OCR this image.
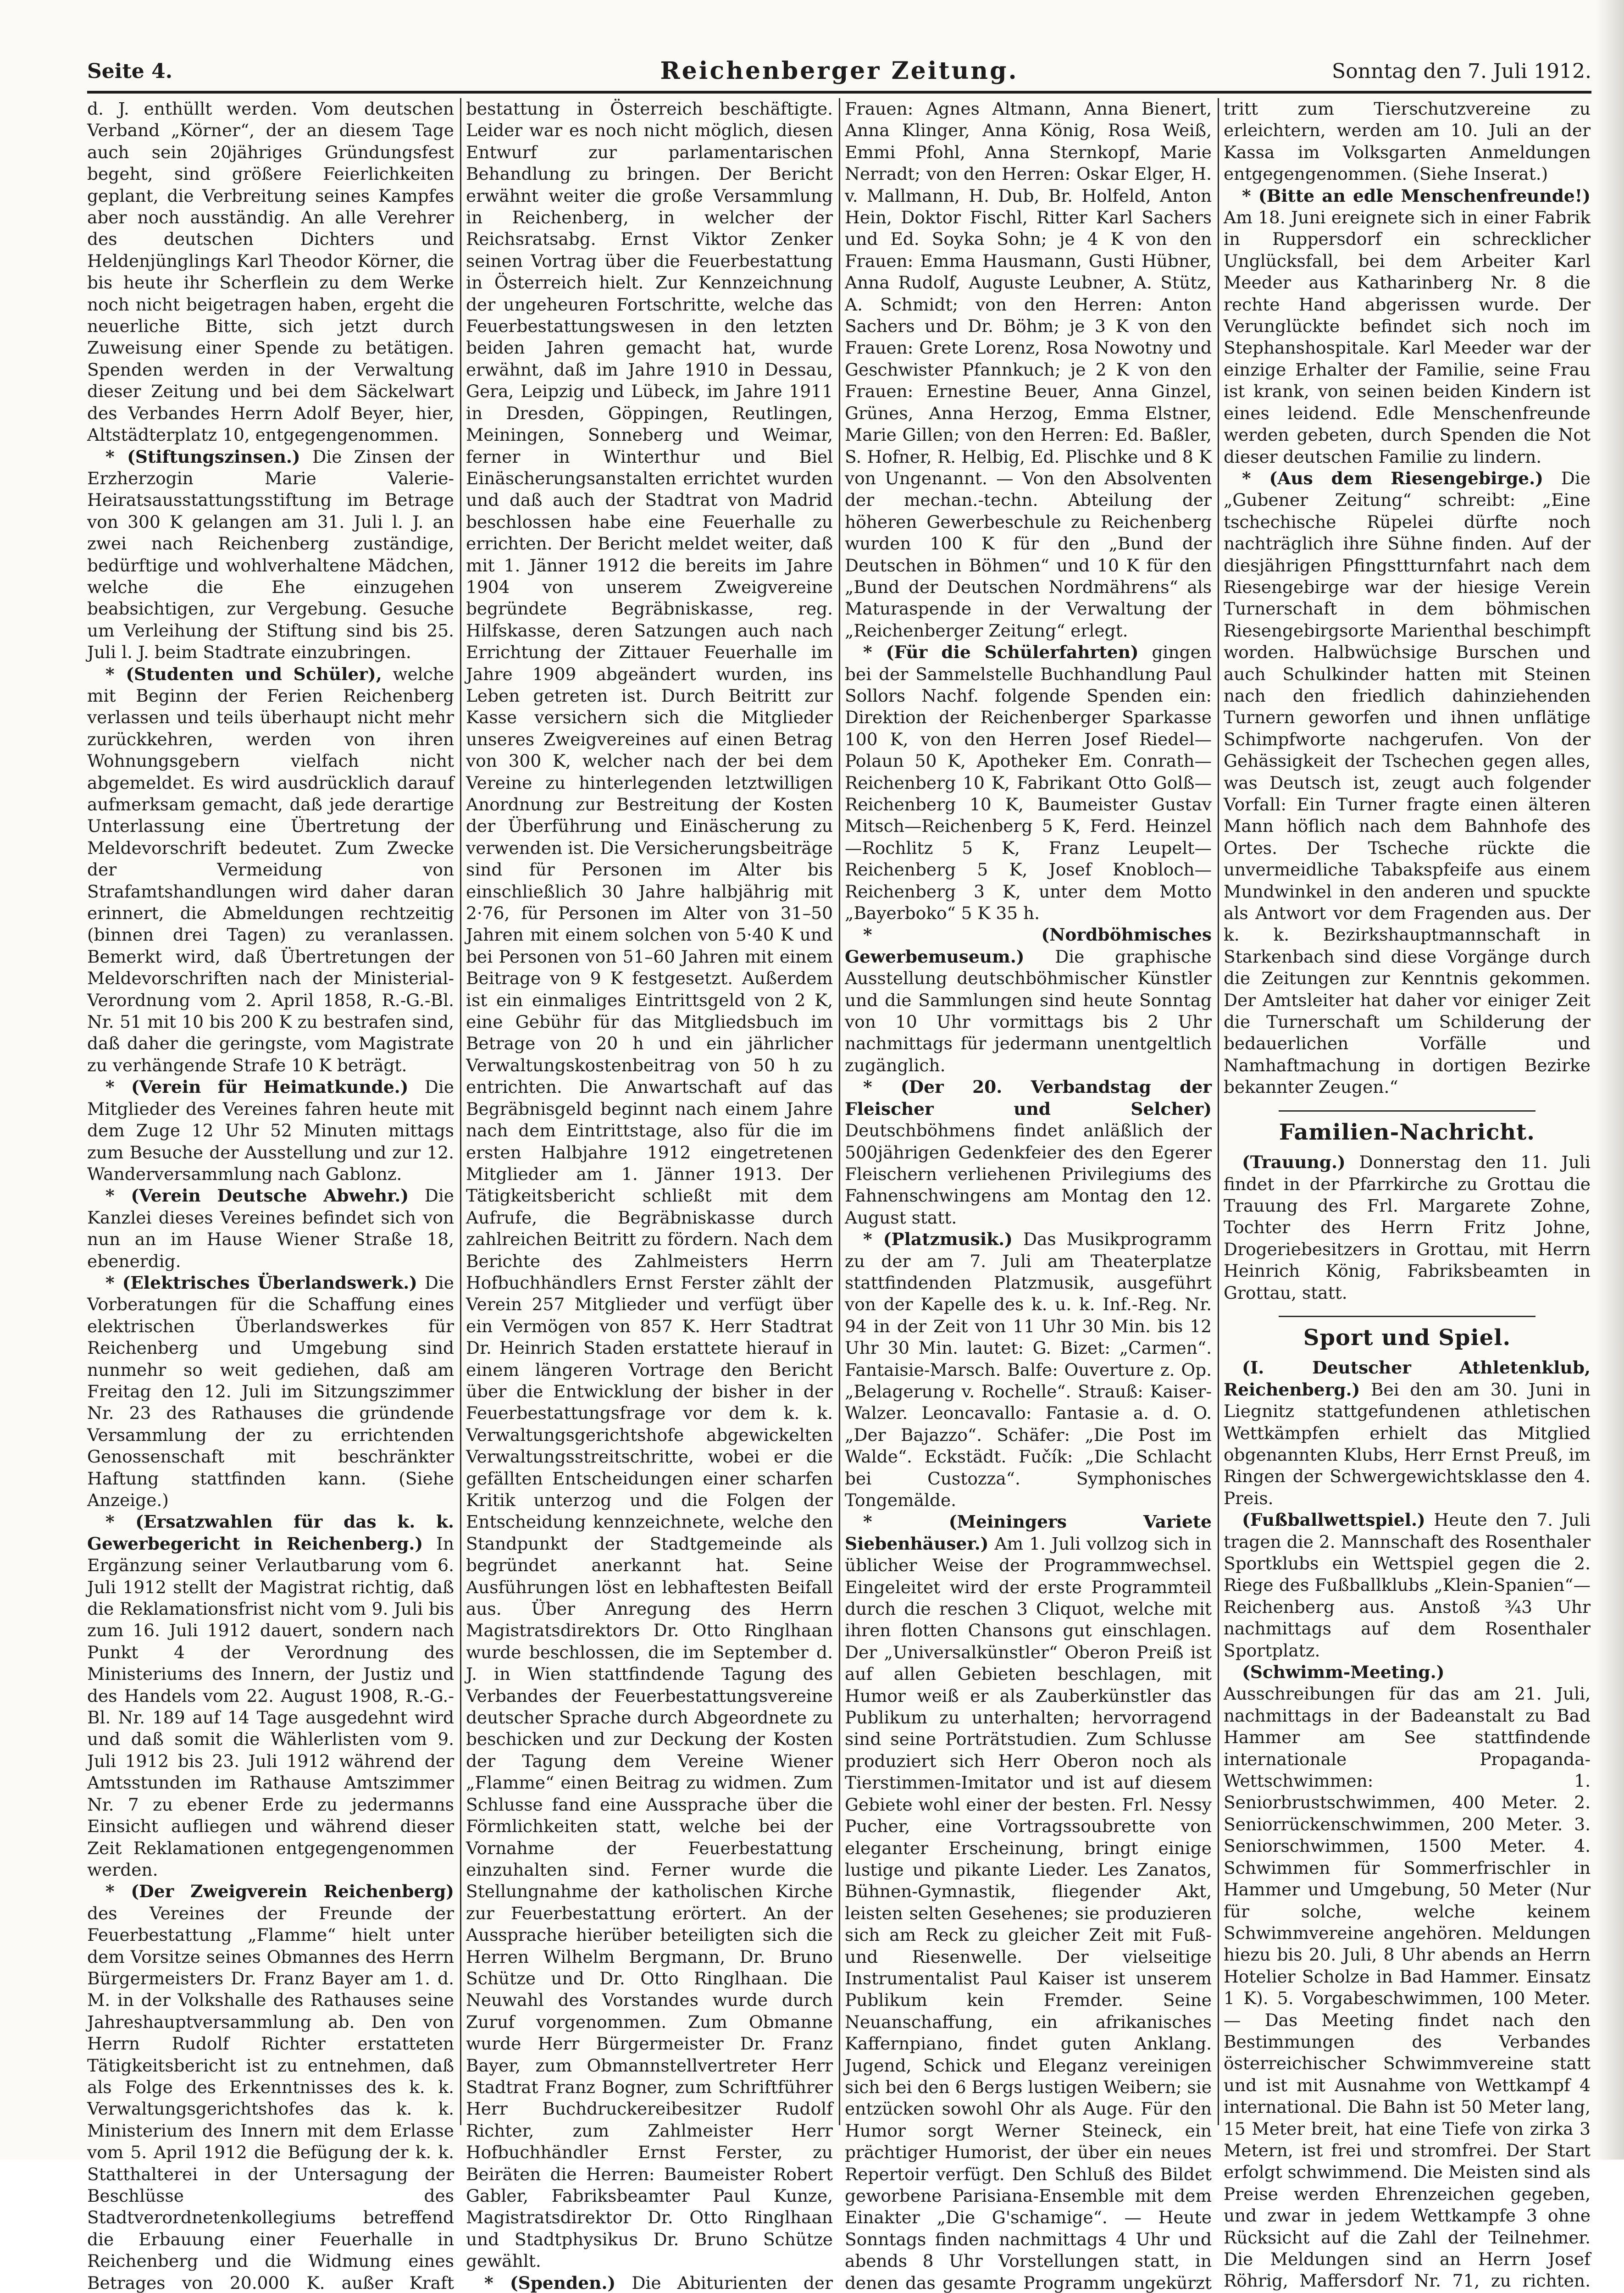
Seite 4.	Reichenberger Zeitung.	Sonntag den 7. Juli 1912.

d. J. enthüllt werden. Vom deutschen Verband „Körner“, der an diesem Tage auch sein 20jähriges Gründungsfest begeht, sind größere Feierlichkeiten geplant, die Verbreitung seines Kampfes aber noch ausständig. An alle Verehrer des deutschen Dichters und Heldenjünglings Karl Theodor Körner, die bis heute ihr Scherflein zu dem Werke noch nicht beigetragen haben, ergeht die neuerliche Bitte, sich jetzt durch Zuweisung einer Spende zu betätigen. Spenden werden in der Verwaltung dieser Zeitung und bei dem Säckelwart des Verbandes Herrn Adolf Beyer, hier, Altstädterplatz 10, entgegengenommen.

* (Stiftungszinsen.) Die Zinsen der Erzherzogin Marie Valerie-Heiratsausstattungsstiftung im Betrage von 300 K gelangen am 31. Juli l. J. an zwei nach Reichenberg zuständige, bedürftige und wohlverhaltene Mädchen, welche die Ehe einzugehen beabsichtigen, zur Vergebung. Gesuche um Verleihung der Stiftung sind bis 25. Juli l. J. beim Stadtrate einzubringen.

* (Studenten und Schüler), welche mit Beginn der Ferien Reichenberg verlassen und teils überhaupt nicht mehr zurückkehren, werden von ihren Wohnungsgebern vielfach nicht abgemeldet. Es wird ausdrücklich darauf aufmerksam gemacht, daß jede derartige Unterlassung eine Übertretung der Meldevorschrift bedeutet. Zum Zwecke der Vermeidung von Strafamtshandlungen wird daher daran erinnert, die Abmeldungen rechtzeitig (binnen drei Tagen) zu veranlassen. Bemerkt wird, daß Übertretungen der Meldevorschriften nach der Ministerial-Verordnung vom 2. April 1858, R.-G.-Bl. Nr. 51 mit 10 bis 200 K zu bestrafen sind, daß daher die geringste, vom Magistrate zu verhängende Strafe 10 K beträgt.

* (Verein für Heimatkunde.) Die Mitglieder des Vereines fahren heute mit dem Zuge 12 Uhr 52 Minuten mittags zum Besuche der Ausstellung und zur 12. Wanderversammlung nach Gablonz.

* (Verein Deutsche Abwehr.) Die Kanzlei dieses Vereines befindet sich von nun an im Hause Wiener Straße 18, ebenerdig.

* (Elektrisches Überlandswerk.) Die Vorberatungen für die Schaffung eines elektrischen Überlandswerkes für Reichenberg und Umgebung sind nunmehr so weit gediehen, daß am Freitag den 12. Juli im Sitzungszimmer Nr. 23 des Rathauses die gründende Versammlung der zu errichtenden Genossenschaft mit beschränkter Haftung stattfinden kann. (Siehe Anzeige.)

* (Ersatzwahlen für das k. k. Gewerbegericht in Reichenberg.) In Ergänzung seiner Verlautbarung vom 6. Juli 1912 stellt der Magistrat richtig, daß die Reklamationsfrist nicht vom 9. Juli bis zum 16. Juli 1912 dauert, sondern nach Punkt 4 der Verordnung des Ministeriums des Innern, der Justiz und des Handels vom 22. August 1908, R.-G.-Bl. Nr. 189 auf 14 Tage ausgedehnt wird und daß somit die Wählerlisten vom 9. Juli 1912 bis 23. Juli 1912 während der Amtsstunden im Rathause Amtszimmer Nr. 7 zu ebener Erde zu jedermanns Einsicht aufliegen und während dieser Zeit Reklamationen entgegengenommen werden.

* (Der Zweigverein Reichenberg) des Vereines der Freunde der Feuerbestattung „Flamme“ hielt unter dem Vorsitze seines Obmannes des Herrn Bürgermeisters Dr. Franz Bayer am 1. d. M. in der Volkshalle des Rathauses seine Jahreshauptversammlung ab. Den von Herrn Rudolf Richter erstatteten Tätigkeitsbericht ist zu entnehmen, daß als Folge des Erkenntnisses des k. k. Verwaltungsgerichtshofes das k. k. Ministerium des Innern mit dem Erlasse vom 5. April 1912 die Befügung der k. k. Statthalterei in der Untersagung der Beschlüsse des Stadtverordnetenkollegiums betreffend die Erbauung einer Feuerhalle in Reichenberg und die Widmung eines Betrages von 20.000 K. außer Kraft

bestattung in Österreich beschäftigte. Leider war es noch nicht möglich, diesen Entwurf zur parlamentarischen Behandlung zu bringen. Der Bericht erwähnt weiter die große Versammlung in Reichenberg, in welcher der Reichsratsabg. Ernst Viktor Zenker seinen Vortrag über die Feuerbestattung in Österreich hielt. Zur Kennzeichnung der ungeheuren Fortschritte, welche das Feuerbestattungswesen in den letzten beiden Jahren gemacht hat, wurde erwähnt, daß im Jahre 1910 in Dessau, Gera, Leipzig und Lübeck, im Jahre 1911 in Dresden, Göppingen, Reutlingen, Meiningen, Sonneberg und Weimar, ferner in Winterthur und Biel Einäscherungsanstalten errichtet wurden und daß auch der Stadtrat von Madrid beschlossen habe eine Feuerhalle zu errichten. Der Bericht meldet weiter, daß mit 1. Jänner 1912 die bereits im Jahre 1904 von unserem Zweigvereine begründete Begräbniskasse, reg. Hilfskasse, deren Satzungen auch nach Errichtung der Zittauer Feuerhalle im Jahre 1909 abgeändert wurden, ins Leben getreten ist. Durch Beitritt zur Kasse versichern sich die Mitglieder unseres Zweigvereines auf einen Betrag von 300 K, welcher nach der bei dem Vereine zu hinterlegenden letztwilligen Anordnung zur Bestreitung der Kosten der Überführung und Einäscherung zu verwenden ist. Die Versicherungsbeiträge sind für Personen im Alter bis einschließlich 30 Jahre halbjährig mit 2·76, für Personen im Alter von 31–50 Jahren mit einem solchen von 5·40 K und bei Personen von 51–60 Jahren mit einem Beitrage von 9 K festgesetzt. Außerdem ist ein einmaliges Eintrittsgeld von 2 K, eine Gebühr für das Mitgliedsbuch im Betrage von 20 h und ein jährlicher Verwaltungskostenbeitrag von 50 h zu entrichten. Die Anwartschaft auf das Begräbnisgeld beginnt nach einem Jahre nach dem Eintrittstage, also für die im ersten Halbjahre 1912 eingetretenen Mitglieder am 1. Jänner 1913. Der Tätigkeitsbericht schließt mit dem Aufrufe, die Begräbniskasse durch zahlreichen Beitritt zu fördern. Nach dem Berichte des Zahlmeisters Herrn Hofbuchhändlers Ernst Ferster zählt der Verein 257 Mitglieder und verfügt über ein Vermögen von 857 K. Herr Stadtrat Dr. Heinrich Staden erstattete hierauf in einem längeren Vortrage den Bericht über die Entwicklung der bisher in der Feuerbestattungsfrage vor dem k. k. Verwaltungsgerichtshofe abgewickelten Verwaltungsstreitschritte, wobei er die gefällten Entscheidungen einer scharfen Kritik unterzog und die Folgen der Entscheidung kennzeichnete, welche den Standpunkt der Stadtgemeinde als begründet anerkannt hat. Seine Ausführungen löst en lebhaftesten Beifall aus. Über Anregung des Herrn Magistratsdirektors Dr. Otto Ringlhaan wurde beschlossen, die im September d. J. in Wien stattfindende Tagung des Verbandes der Feuerbestattungsvereine deutscher Sprache durch Abgeordnete zu beschicken und zur Deckung der Kosten der Tagung dem Vereine Wiener „Flamme“ einen Beitrag zu widmen. Zum Schlusse fand eine Aussprache über die Förmlichkeiten statt, welche bei der Vornahme der Feuerbestattung einzuhalten sind. Ferner wurde die Stellungnahme der katholischen Kirche zur Feuerbestattung erörtert. An der Aussprache hierüber beteiligten sich die Herren Wilhelm Bergmann, Dr. Bruno Schütze und Dr. Otto Ringlhaan. Die Neuwahl des Vorstandes wurde durch Zuruf vorgenommen. Zum Obmanne wurde Herr Bürgermeister Dr. Franz Bayer, zum Obmannstellvertreter Herr Stadtrat Franz Bogner, zum Schriftführer Herr Buchdruckereibesitzer Rudolf Richter, zum Zahlmeister Herr Hofbuchhändler Ernst Ferster, zu Beiräten die Herren: Baumeister Robert Gabler, Fabriksbeamter Paul Kunze, Magistratsdirektor Dr. Otto Ringlhaan und Stadtphysikus Dr. Bruno Schütze gewählt.

* (Spenden.) Die Abiturienten der

Frauen: Agnes Altmann, Anna Bienert, Anna Klinger, Anna König, Rosa Weiß, Emmi Pfohl, Anna Sternkopf, Marie Nerradt; von den Herren: Oskar Elger, H. v. Mallmann, H. Dub, Br. Holfeld, Anton Hein, Doktor Fischl, Ritter Karl Sachers und Ed. Soyka Sohn; je 4 K von den Frauen: Emma Hausmann, Gusti Hübner, Anna Rudolf, Auguste Leubner, A. Stütz, A. Schmidt; von den Herren: Anton Sachers und Dr. Böhm; je 3 K von den Frauen: Grete Lorenz, Rosa Nowotny und Geschwister Pfannkuch; je 2 K von den Frauen: Ernestine Beuer, Anna Ginzel, Grünes, Anna Herzog, Emma Elstner, Marie Gillen; von den Herren: Ed. Baßler, S. Hofner, R. Helbig, Ed. Plischke und 8 K von Ungenannt. — Von den Absolventen der mechan.-techn. Abteilung der höheren Gewerbeschule zu Reichenberg wurden 100 K für den „Bund der Deutschen in Böhmen“ und 10 K für den „Bund der Deutschen Nordmährens“ als Maturaspende in der Verwaltung der „Reichenberger Zeitung“ erlegt.

* (Für die Schülerfahrten) gingen bei der Sammelstelle Buchhandlung Paul Sollors Nachf. folgende Spenden ein: Direktion der Reichenberger Sparkasse 100 K, von den Herren Josef Riedel—Polaun 50 K, Apotheker Em. Conrath—Reichenberg 10 K, Fabrikant Otto Golß—Reichenberg 10 K, Baumeister Gustav Mitsch—Reichenberg 5 K, Ferd. Heinzel—Rochlitz 5 K, Franz Leupelt—Reichenberg 5 K, Josef Knobloch—Reichenberg 3 K, unter dem Motto „Bayerboko“ 5 K 35 h.

* (Nordböhmisches Gewerbemuseum.) Die graphische Ausstellung deutschböhmischer Künstler und die Sammlungen sind heute Sonntag von 10 Uhr vormittags bis 2 Uhr nachmittags für jedermann unentgeltlich zugänglich.

* (Der 20. Verbandstag der Fleischer und Selcher) Deutschböhmens findet anläßlich der 500jährigen Gedenkfeier des den Egerer Fleischern verliehenen Privilegiums des Fahnenschwingens am Montag den 12. August statt.

* (Platzmusik.) Das Musikprogramm zu der am 7. Juli am Theaterplatze stattfindenden Platzmusik, ausgeführt von der Kapelle des k. u. k. Inf.-Reg. Nr. 94 in der Zeit von 11 Uhr 30 Min. bis 12 Uhr 30 Min. lautet: G. Bizet: „Carmen“. Fantaisie-Marsch. Balfe: Ouverture z. Op. „Belagerung v. Rochelle“. Strauß: Kaiser-Walzer. Leoncavallo: Fantasie a. d. O. „Der Bajazzo“. Schäfer: „Die Post im Walde“. Eckstädt. Fučík: „Die Schlacht bei Custozza“. Symphonisches Tongemälde.

* (Meiningers Variete Siebenhäuser.) Am 1. Juli vollzog sich in üblicher Weise der Programmwechsel. Eingeleitet wird der erste Programmteil durch die reschen 3 Cliquot, welche mit ihren flotten Chansons gut einschlagen. Der „Universalkünstler“ Oberon Preiß ist auf allen Gebieten beschlagen, mit Humor weiß er als Zauberkünstler das Publikum zu unterhalten; hervorragend sind seine Porträtstudien. Zum Schlusse produziert sich Herr Oberon noch als Tierstimmen-Imitator und ist auf diesem Gebiete wohl einer der besten. Frl. Nessy Pucher, eine Vortragssoubrette von eleganter Erscheinung, bringt einige lustige und pikante Lieder. Les Zanatos, Bühnen-Gymnastik, fliegender Akt, leisten selten Gesehenes; sie produzieren sich am Reck zu gleicher Zeit mit Fuß- und Riesenwelle. Der vielseitige Instrumentalist Paul Kaiser ist unserem Publikum kein Fremder. Seine Neuanschaffung, ein afrikanisches Kaffernpiano, findet guten Anklang. Jugend, Schick und Eleganz vereinigen sich bei den 6 Bergs lustigen Weibern; sie entzücken sowohl Ohr als Auge. Für den Humor sorgt Werner Steineck, ein prächtiger Humorist, der über ein neues Repertoir verfügt. Den Schluß des Bildet geworbene Parisiana-Ensemble mit dem Einakter „Die G'schamige“. — Heute Sonntags finden nachmittags 4 Uhr und abends 8 Uhr Vorstellungen statt, in denen das gesamte Programm ungekürzt

tritt zum Tierschutzvereine zu erleichtern, werden am 10. Juli an der Kassa im Volksgarten Anmeldungen entgegengenommen. (Siehe Inserat.)

* (Bitte an edle Menschenfreunde!) Am 18. Juni ereignete sich in einer Fabrik in Ruppersdorf ein schrecklicher Unglücksfall, bei dem Arbeiter Karl Meeder aus Katharinberg Nr. 8 die rechte Hand abgerissen wurde. Der Verunglückte befindet sich noch im Stephanshospitale. Karl Meeder war der einzige Erhalter der Familie, seine Frau ist krank, von seinen beiden Kindern ist eines leidend. Edle Menschenfreunde werden gebeten, durch Spenden die Not dieser deutschen Familie zu lindern.

* (Aus dem Riesengebirge.) Die „Gubener Zeitung“ schreibt: „Eine tschechische Rüpelei dürfte noch nachträglich ihre Sühne finden. Auf der diesjährigen Pfingsttturnfahrt nach dem Riesengebirge war der hiesige Verein Turnerschaft in dem böhmischen Riesengebirgsorte Marienthal beschimpft worden. Halbwüchsige Burschen und auch Schulkinder hatten mit Steinen nach den friedlich dahinziehenden Turnern geworfen und ihnen unflätige Schimpfworte nachgerufen. Von der Gehässigkeit der Tschechen gegen alles, was Deutsch ist, zeugt auch folgender Vorfall: Ein Turner fragte einen älteren Mann höflich nach dem Bahnhofe des Ortes. Der Tscheche rückte die unvermeidliche Tabakspfeife aus einem Mundwinkel in den anderen und spuckte als Antwort vor dem Fragenden aus. Der k. k. Bezirkshauptmannschaft in Starkenbach sind diese Vorgänge durch die Zeitungen zur Kenntnis gekommen. Der Amtsleiter hat daher vor einiger Zeit die Turnerschaft um Schilderung der bedauerlichen Vorfälle und Namhaftmachung in dortigen Bezirke bekannter Zeugen.“

Familien-Nachricht.

(Trauung.) Donnerstag den 11. Juli findet in der Pfarrkirche zu Grottau die Trauung des Frl. Margarete Zohne, Tochter des Herrn Fritz Johne, Drogeriebesitzers in Grottau, mit Herrn Heinrich König, Fabriksbeamten in Grottau, statt.

Sport und Spiel.

(I. Deutscher Athletenklub, Reichenberg.) Bei den am 30. Juni in Liegnitz stattgefundenen athletischen Wettkämpfen erhielt das Mitglied obgenannten Klubs, Herr Ernst Preuß, im Ringen der Schwergewichtsklasse den 4. Preis.

(Fußballwettspiel.) Heute den 7. Juli tragen die 2. Mannschaft des Rosenthaler Sportklubs ein Wettspiel gegen die 2. Riege des Fußballklubs „Klein-Spanien“—Reichenberg aus. Anstoß ¾3 Uhr nachmittags auf dem Rosenthaler Sportplatz.

(Schwimm-Meeting.) Ausschreibungen für das am 21. Juli, nachmittags in der Badeanstalt zu Bad Hammer am See stattfindende internationale Propaganda-Wettschwimmen: 1. Seniorbrustschwimmen, 400 Meter. 2. Seniorrückenschwimmen, 200 Meter. 3. Seniorschwimmen, 1500 Meter. 4. Schwimmen für Sommerfrischler in Hammer und Umgebung, 50 Meter (Nur für solche, welche keinem Schwimmvereine angehören. Meldungen hiezu bis 20. Juli, 8 Uhr abends an Herrn Hotelier Scholze in Bad Hammer. Einsatz 1 K). 5. Vorgabeschwimmen, 100 Meter. — Das Meeting findet nach den Bestimmungen des Verbandes österreichischer Schwimmvereine statt und ist mit Ausnahme von Wettkampf 4 international. Die Bahn ist 50 Meter lang, 15 Meter breit, hat eine Tiefe von zirka 3 Metern, ist frei und stromfrei. Der Start erfolgt schwimmend. Die Meisten sind als Preise werden Ehrenzeichen gegeben, und zwar in jedem Wettkampfe 3 ohne Rücksicht auf die Zahl der Teilnehmer. Die Meldungen sind an Herrn Josef Röhrig, Maffersdorf Nr. 71, zu richten.
